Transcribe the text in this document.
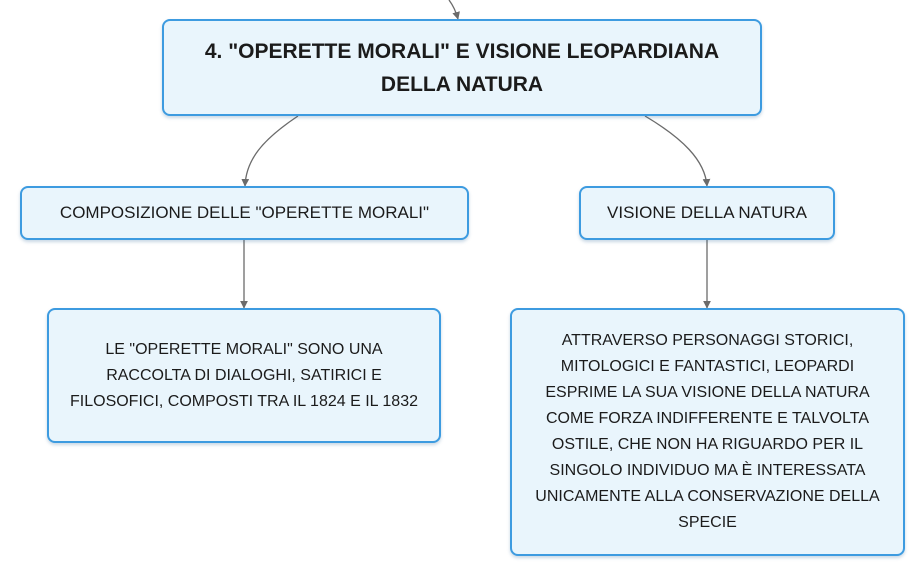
4. "OPERETTE MORALI" E VISIONE LEOPARDIANA DELLA NATURA
COMPOSIZIONE DELLE "OPERETTE MORALI"	VISIONE DELLA NATURA
LE "OPERETTE MORALI" SONO UNA RACCOLTA DI DIALOGHI, SATIRICI E FILOSOFICI, COMPOSTI TRA IL 1824 E IL 1832
ATTRAVERSO PERSONAGGI STORICI, MITOLOGICI E FANTASTICI, LEOPARDI ESPRIME LA SUA VISIONE DELLA NATURA COME FORZA INDIFFERENTE E TALVOLTA OSTILE, CHE NON HA RIGUARDO PER IL SINGOLO INDIVIDUO MA È INTERESSATA UNICAMENTE ALLA CONSERVAZIONE DELLA SPECIE
